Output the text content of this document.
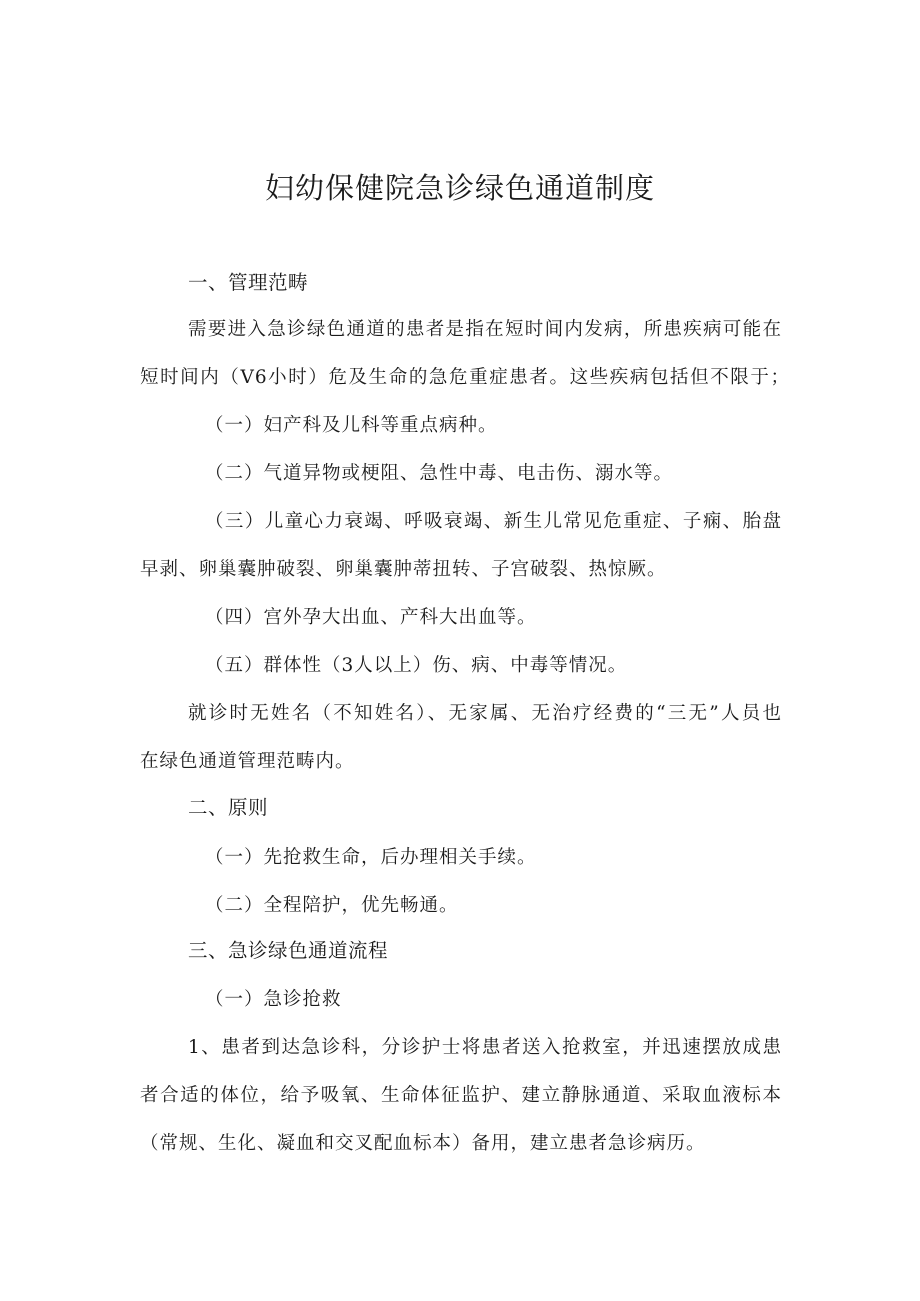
妇幼保健院急诊绿色通道制度
一、管理范畴
需要进入急诊绿色通道的患者是指在短时间内发病，所患疾病可能在
短时间内（V6小时）危及生命的急危重症患者。这些疾病包括但不限于；
（一）妇产科及儿科等重点病种。
（二）气道异物或梗阻、急性中毒、电击伤、溺水等。
（三）儿童心力衰竭、呼吸衰竭、新生儿常见危重症、子痫、胎盘
早剥、卵巢囊肿破裂、卵巢囊肿蒂扭转、子宫破裂、热惊厥。
（四）宫外孕大出血、产科大出血等。
（五）群体性（3人以上）伤、病、中毒等情况。
就诊时无姓名（不知姓名）、无家属、无治疗经费的“三无”人员也
在绿色通道管理范畴内。
二、原则
（一）先抢救生命，后办理相关手续。
（二）全程陪护，优先畅通。
三、急诊绿色通道流程
（一）急诊抢救
1、患者到达急诊科，分诊护士将患者送入抢救室，并迅速摆放成患
者合适的体位，给予吸氧、生命体征监护、建立静脉通道、采取血液标本
（常规、生化、凝血和交叉配血标本）备用，建立患者急诊病历。
